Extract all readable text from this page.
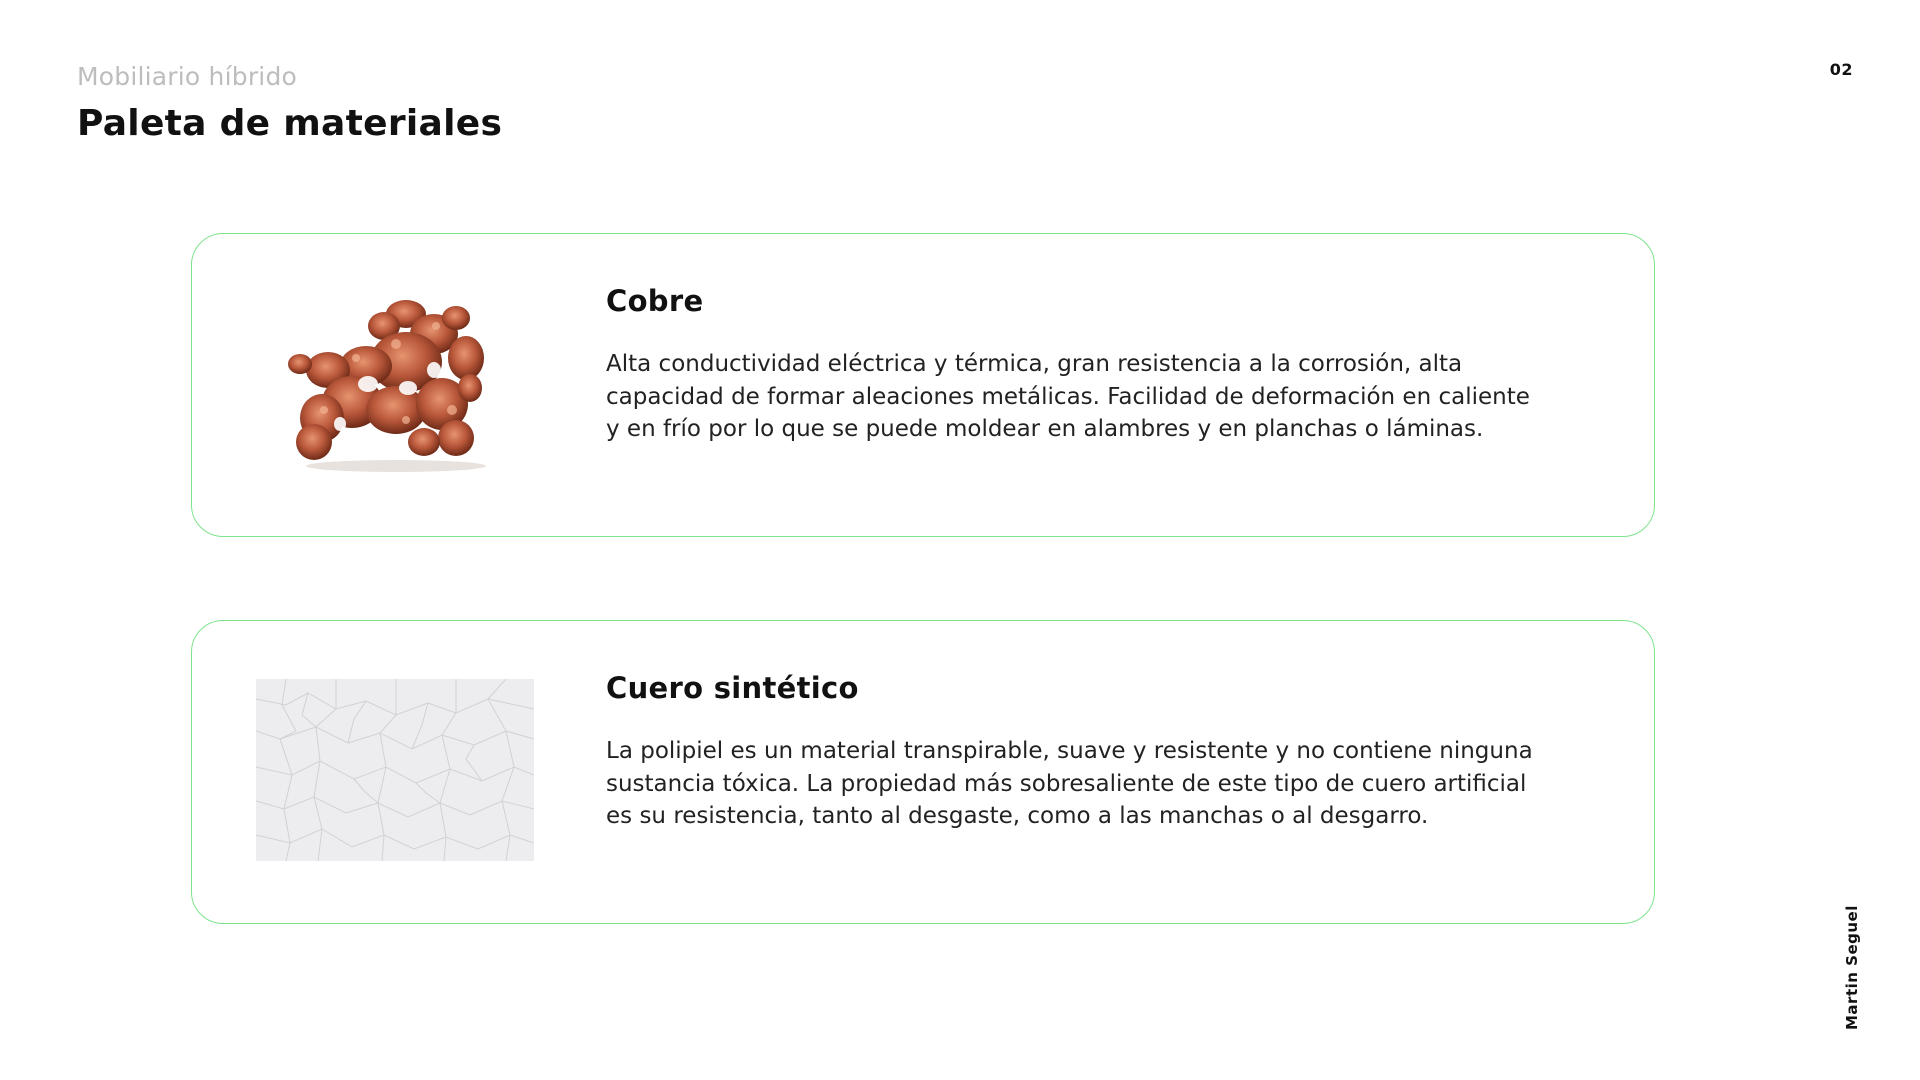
Mobiliario híbrido
Paleta de materiales
02
Martin Seguel
Cobre

Alta conductividad eléctrica y térmica, gran resistencia a la corrosión, alta capacidad de formar aleaciones metálicas. Facilidad de deformación en caliente y en frío por lo que se puede moldear en alambres y en planchas o láminas.

Cuero sintético

La polipiel es un material transpirable, suave y resistente y no contiene ninguna sustancia tóxica. La propiedad más sobresaliente de este tipo de cuero artificial es su resistencia, tanto al desgaste, como a las manchas o al desgarro.
